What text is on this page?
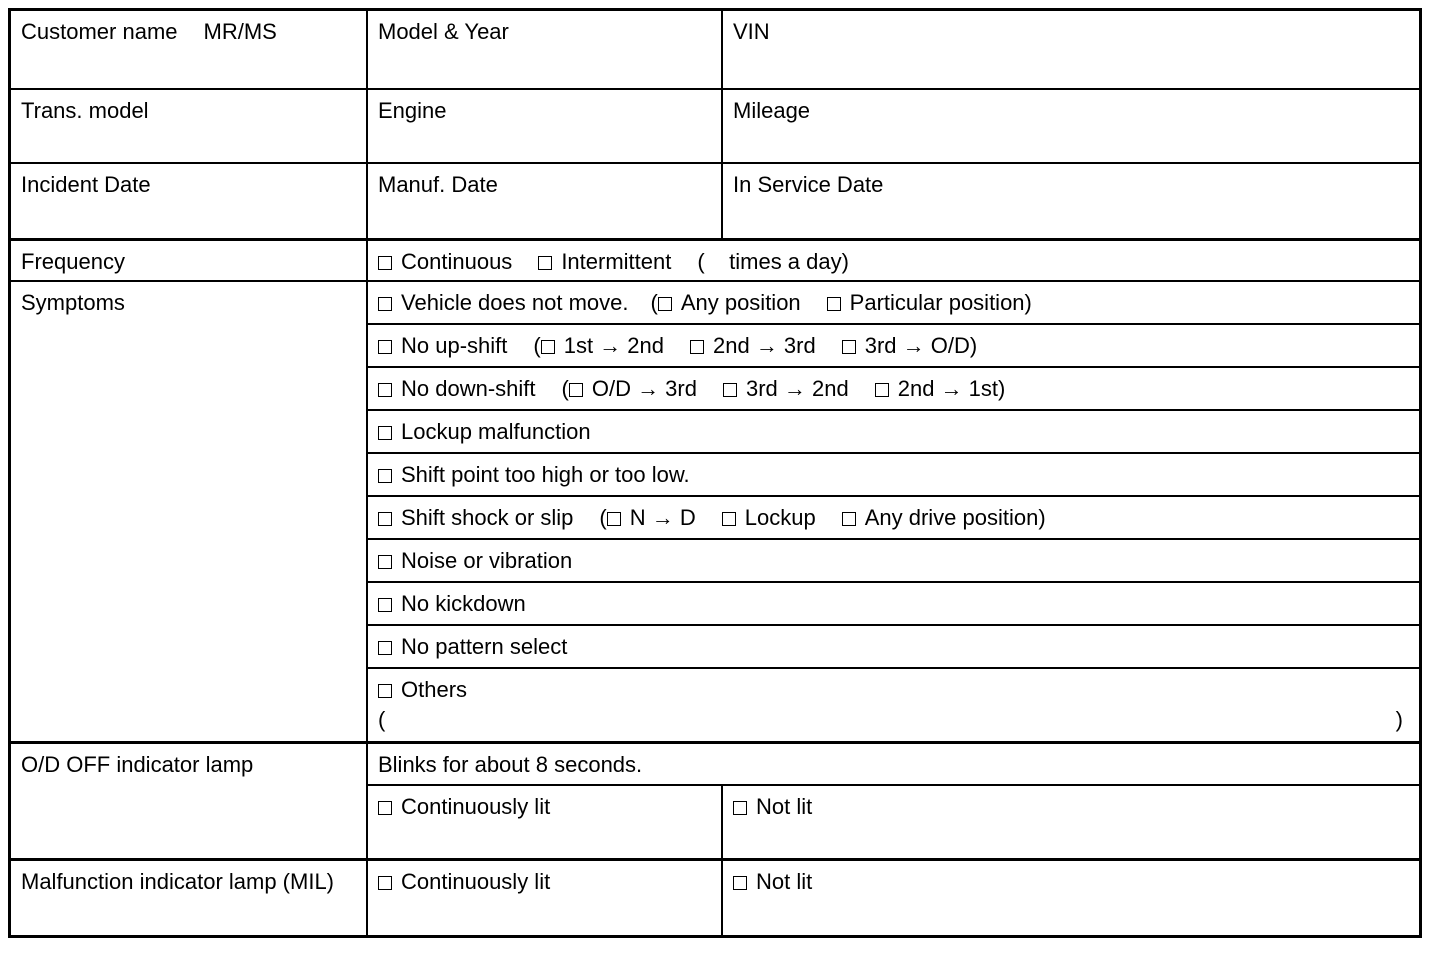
Customer name MR/MS	Model & Year	VIN
Trans. model	Engine	Mileage
Incident Date	Manuf. Date	In Service Date
Frequency	Continuous Intermittent (    times a day)	
Symptoms	Vehicle does not move. ( Any position Particular position)	
	No up-shift ( 1st → 2nd 2nd → 3rd 3rd → O/D)	
	No down-shift ( O/D → 3rd 3rd → 2nd 2nd → 1st)	
	Lockup malfunction	
	Shift point too high or too low.	
	Shift shock or slip ( N → D Lockup Any drive position)	
	Noise or vibration	
	No kickdown	
	No pattern select	

	Others
( )	

O/D OFF indicator lamp	Blinks for about 8 seconds.	
	Continuously lit	Not lit
Malfunction indicator lamp (MIL)	Continuously lit	Not lit
